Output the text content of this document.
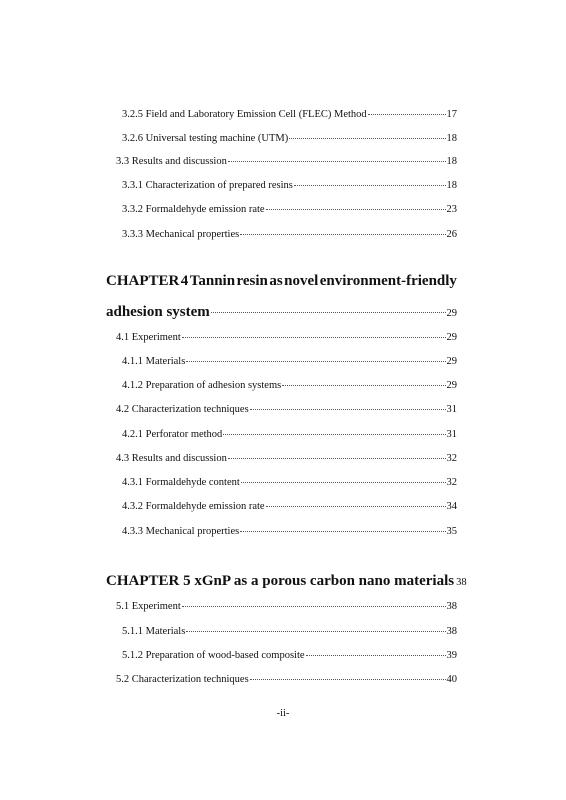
3.2.5 Field and Laboratory Emission Cell (FLEC) Method	17
3.2.6 Universal testing machine (UTM)	18
3.3 Results and discussion	18
3.3.1 Characterization of prepared resins	18
3.3.2 Formaldehyde emission rate	23
3.3.3 Mechanical properties	26
CHAPTER 4 Tannin resin as novel environment-friendly
adhesion system	29
4.1 Experiment	29
4.1.1 Materials	29
4.1.2 Preparation of adhesion systems	29
4.2 Characterization techniques	31
4.2.1 Perforator method	31
4.3 Results and discussion	32
4.3.1 Formaldehyde content	32
4.3.2 Formaldehyde emission rate	34
4.3.3 Mechanical properties	35
CHAPTER 5 xGnP as a porous carbon nano materials 38
5.1 Experiment	38
5.1.1 Materials	38
5.1.2 Preparation of wood-based composite	39
5.2 Characterization techniques	40
-ii-
